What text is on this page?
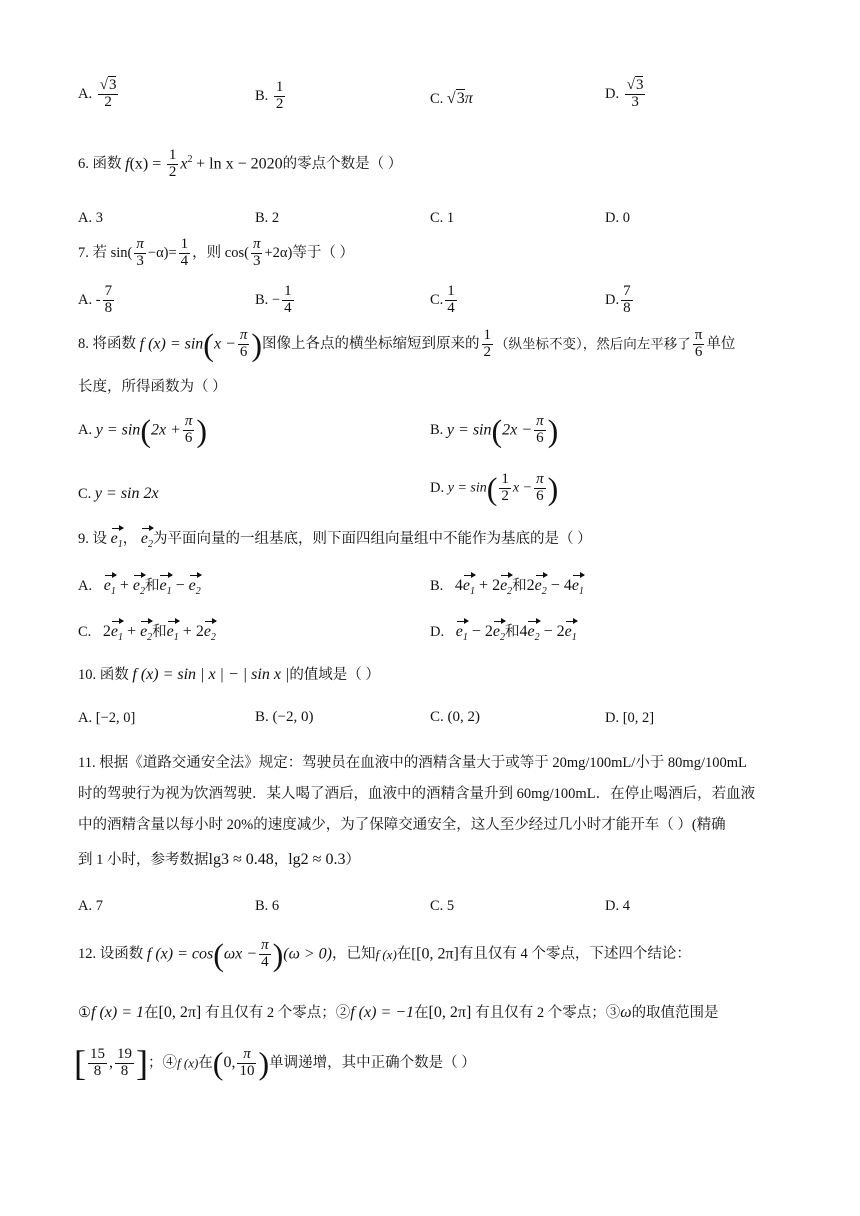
A. $\frac{√3}{2}$	B. $\frac{1}{2}$	C. √3π	D. $\frac{√3}{3}$
6. 函数 $f(x) = \frac{1}{2} x^2 + \ln x - 2020$的零点个数是（ ）
A. 3	B. 2	C. 1	D. 0
7. 若 $\sin( \frac{\pi}{3} -\alpha)= \frac{1}{4}$ ，则 $\cos( \frac{\pi}{3} +2\alpha)$等于（ ）
A. - $\frac{7}{8}$	B. − $\frac{1}{4}$	C. $\frac{1}{4}$	D. $\frac{7}{8}$
8. 将函数 f $(x) = \sin(x - \frac{\pi}{6}$ )图像上各点的横坐标缩短到原来的 $\frac{1}{2}$ （纵坐标不变），然后向左平移了 $\frac{\pi}{6}$ 单位
长度，所得函数为（ ）
A. $y = \sin(2x + \frac{\pi}{6}$ )	B. $y = \sin(2x - \frac{\pi}{6}$ )
C. y = sin 2x	D. $y = \sin( \frac{1}{2}$ $x - \frac{\pi}{6}$ )
9. 设 $e_1$， $e_2$为平面向量的一组基底，则下面四组向量组中不能作为基底的是（ ）
A. $e_1 + e_2$和$e_1 - e_2$	B. $4e_1 + 2e_2$和$2e_2 - 4e_1$
C. $2e_1 + e_2$和$e_1 + 2e_2$	D. $e_1 - 2e_2$和$4e_2 - 2e_1$
10. 函数 f (x) = sin | x | − | sin x |的值域是（ ）
A. [−2, 0]	B. (−2, 0)	C. (0, 2)	D. [0, 2]
11. 根据《道路交通安全法》规定：驾驶员在血液中的酒精含量大于或等于 20mg/100mL/小于 80mg/100mL
时的驾驶行为视为饮酒驾驶．某人喝了酒后，血液中的酒精含量升到 60mg/100mL．在停止喝酒后，若血液
中的酒精含量以每小时 20%的速度减少，为了保障交通安全，这人至少经过几小时才能开车（ ）(精确
到 1 小时，参考数据lg3 ≈ 0.48，lg2 ≈ 0.3）
A. 7	B. 6	C. 5	D. 4
12. 设函数 f $(x) = \cos(\omega x - \frac{\pi}{4} )(\omega > 0)$，已知f (x)在[[0, 2π]有且仅有 4 个零点，下述四个结论：
①f (x) = 1在[0, 2π] 有且仅有 2 个零点；②f (x) = −1在[0, 2π] 有且仅有 2 个零点；③ω的取值范围是
[ $\frac{15}{8}$ , $\frac{19}{8}$ ]；④f (x)在(0, $\frac{\pi}{10}$ )单调递增，其中正确个数是（ ）
